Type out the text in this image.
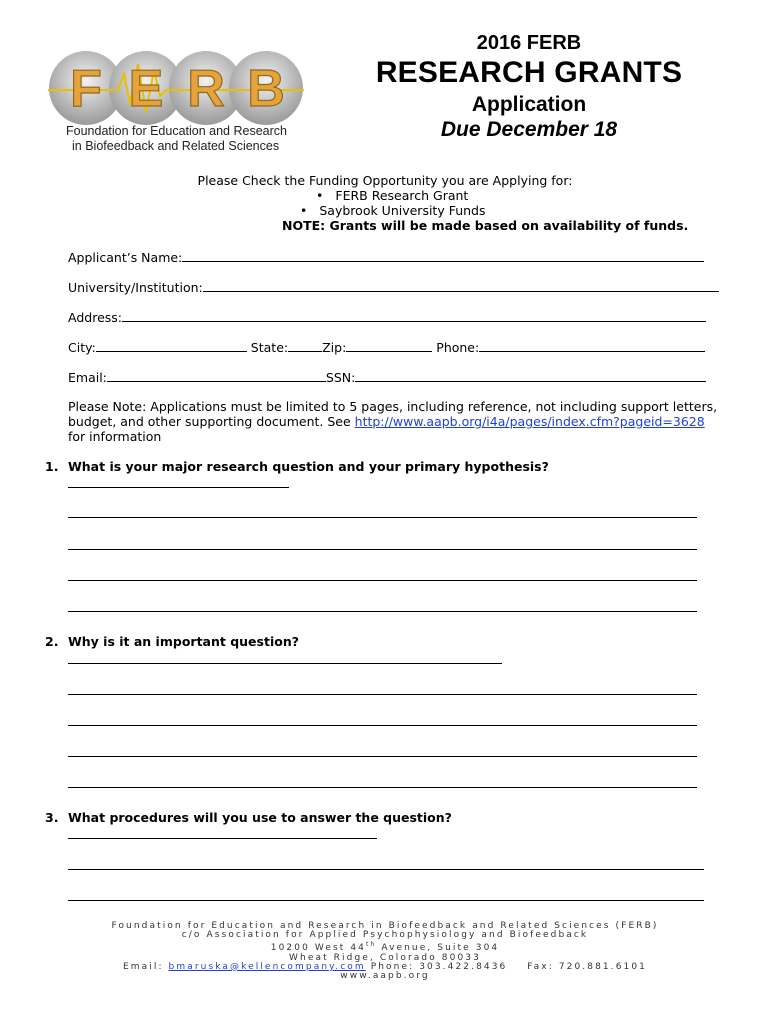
F E R B
Foundation for Education and Research
in Biofeedback and Related Sciences
2016 FERB
RESEARCH GRANTS
Application
Due December 18
Please Check the Funding Opportunity you are Applying for:
• FERB Research Grant
• Saybrook University Funds
NOTE: Grants will be made based on availability of funds.
Applicant’s Name:
University/Institution:
Address:
City:	State:	Zip:	Phone:
Email:	SSN:
Please Note: Applications must be limited to 5 pages, including reference, not including support letters, budget, and other supporting document. See http://www.aapb.org/i4a/pages/index.cfm?pageid=3628
for information
1. What is your major research question and your primary hypothesis?
2. Why is it an important question?
3. What procedures will you use to answer the question?
Foundation for Education and Research in Biofeedback and Related Sciences (FERB)
c/o Association for Applied Psychophysiology and Biofeedback
10200 West 44th Avenue, Suite 304
Wheat Ridge, Colorado 80033
Email: bmaruska@kellencompany.com Phone: 303.422.8436 Fax: 720.881.6101
www.aapb.org
